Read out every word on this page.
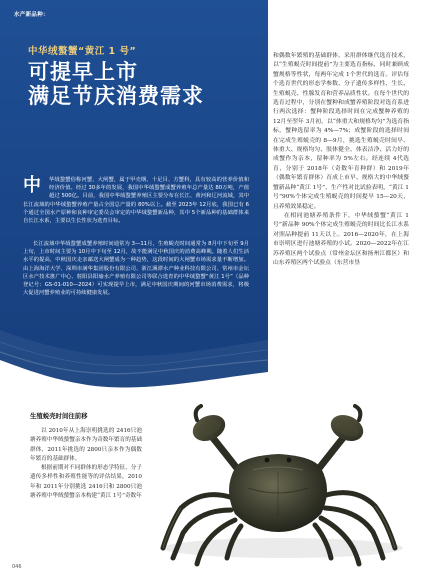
水产新品种：
中华绒螯蟹“黄江 1 号”
可提早上市
满足节庆消费需求
中	华绒螯蟹俗称河蟹、大闸蟹，属于甲壳纲、十足目、方蟹科，具有较高的营养价值和经济价值。经过 30多年的发展，我国中华绒螯蟹成蟹养殖年总产量达 80万吨，产值超过 500亿。目前，我国中华绒螯蟹养殖区主要分布在长江、黄河和辽河流域，其中长江流域的中华绒螯蟹养殖产量占全国总产量的 80%以上。截至 2023年 12月底，我国已有 6个通过全国水产原种和良种审定委员会审定的中华绒螯蟹新品种，其中 5个新品种的基础群体来自长江水系，主要以生长性状为选育目标。
长江流域中华绒螯蟹成蟹养殖时间通常为 3—11月，生殖蜕壳时间通常为 8月中下旬至 9月上旬，上市时间主要为 10月中下旬至 12月，故不能满足中秋国庆的消费高峰期。随着人们生活水平的提高，中秋国庆走亲邮送大闸蟹成为一种趋势，这段时间的大闸蟹市场需求量不断增加。由上海海洋大学、深圳市满华集团股份有限公司、浙江溪潭水产种业科技有限公司、常州市金坛区水产技术推广中心、射阳县阳瑜水产养殖有限公司等联合选育的中华绒螯蟹“黄江 1号”（品种登记号：GS-01-010—2024）可实现提早上市，满足中秋国庆期间的河蟹市场消费需求，将极大促进河蟹养殖业的可持续健康发展。

和偶数年繁殖的基础群体，采用群体继代选育技术，以“生殖蜕壳时间提前”为主要选育指标，同时兼顾成蟹规格等性状，每两年完成 1个世代的选育。评估每个选育世代的形态学参数、分子遗传多样性、生长、生殖蜕壳、性腺发育和营养品质性状。在每个世代的选育过程中，分别在蟹种和成蟹养殖阶段对选育系进行两次选择：蟹种阶段选择时间在完成蟹种养殖的 12月至翌年 3月初，以“体重大和规格均匀”为选育指标，蟹种选留率为 4%—7%；成蟹阶段的选择时间在完成生殖蜕壳的 8—9月，挑选生殖蜕壳时间早、体重大、规格均匀、肢体健全、体表洁净、活力好的成蟹作为亲本，留种率为 5%左右。经连续 4代选育，分别于 2018年（奇数年育种群）和 2019年（偶数年繁育群体）育成上市早、规格大的中华绒螯蟹新品种“黄江 1号”，生产性对比试验表明，“黄江 1号”90%个体完成生殖蜕壳的时间提早 15—20天，且养殖效果稳定。

在相同池塘养殖条件下，中华绒螯蟹“黄江 1号”新品种 90%个体完成生殖蜕壳的时间比长江水系对照品种提前 11天以上。2016—2020年，在上海市崇明区进行池塘养殖的小试。2020—2022年在江苏养殖区两个试验点（常州金坛区和扬州江都区）和山东养殖区两个试验点（东营市垦

生殖蜕壳时间往前移

以 2010年从上海崇明挑选的 2416只池塘养殖中华绒螯蟹亲本作为奇数年繁育的基础群体，2011年挑选的 2800只亲本作为偶数年繁育的基础群体。

根据前期对不同群体的形态学特征、分子遗传多样性和养殖性能等的评估结果，2010年和 2011年分别挑选 2416只和 2800只池塘养殖中华绒螯蟹亲本构建“黄江 1号”奇数年

046
